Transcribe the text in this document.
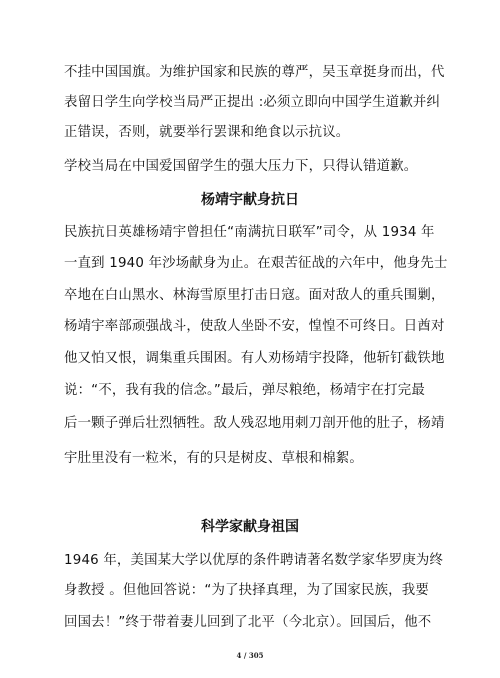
不挂中国国旗。为维护国家和民族的尊严，吴玉章挺身而出，代
表留日学生向学校当局严正提出 :必须立即向中国学生道歉并纠
正错误，否则，就要举行罢课和绝食以示抗议。
学校当局在中国爱国留学生的强大压力下，只得认错道歉。
杨靖宇献身抗日
民族抗日英雄杨靖宇曾担任“南满抗日联军”司令，从 1934 年
一直到 1940 年沙场献身为止。在艰苦征战的六年中，他身先士
卒地在白山黑水、林海雪原里打击日寇。面对敌人的重兵围剿，
杨靖宇率部顽强战斗，使敌人坐卧不安，惶惶不可终日。日酋对
他又怕又恨，调集重兵围困。有人劝杨靖宇投降，他斩钉截铁地
说：“不，我有我的信念。”最后，弹尽粮绝，杨靖宇在打完最
后一颗子弹后壮烈牺牲。敌人残忍地用刺刀剖开他的肚子，杨靖
宇肚里没有一粒米，有的只是树皮、草根和棉絮。
科学家献身祖国
1946 年，美国某大学以优厚的条件聘请著名数学家华罗庚为终
身教授 。但他回答说：“为了抉择真理，为了国家民族，我要
回国去！”终于带着妻儿回到了北平（今北京）。回国后，他不
4 / 305
